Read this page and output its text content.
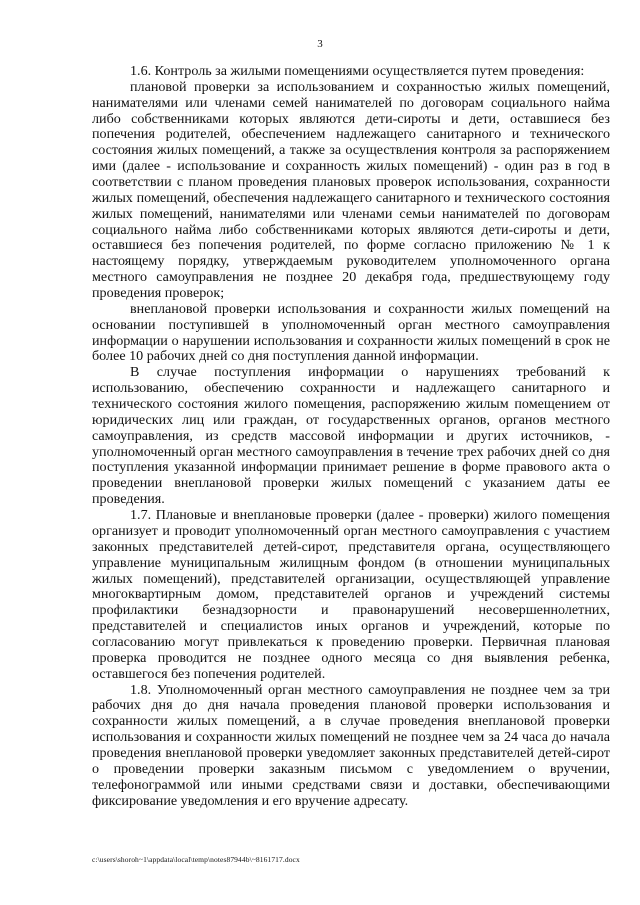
3

1.6. Контроль за жилыми помещениями осуществляется путем проведения:

плановой проверки за использованием и сохранностью жилых помещений, нанимателями или членами семей нанимателей по договорам социального найма либо собственниками которых являются дети-сироты и дети, оставшиеся без попечения родителей, обеспечением надлежащего санитарного и технического состояния жилых помещений, а также за осуществления контроля за распоряжением ими (далее - использование и сохранность жилых помещений) - один раз в год в соответствии с планом проведения плановых проверок использования, сохранности жилых помещений, обеспечения надлежащего санитарного и технического состояния жилых помещений, нанимателями или членами семьи нанимателей по договорам социального найма либо собственниками которых являются дети-сироты и дети, оставшиеся без попечения родителей, по форме согласно приложению № 1 к настоящему порядку, утверждаемым руководителем уполномоченного органа местного самоуправления не позднее 20 декабря года, предшествующему году проведения проверок;

внеплановой проверки использования и сохранности жилых помещений на основании поступившей в уполномоченный орган местного самоуправления информации о нарушении использования и сохранности жилых помещений в срок не более 10 рабочих дней со дня поступления данной информации.

В случае поступления информации о нарушениях требований к использованию, обеспечению сохранности и надлежащего санитарного и технического состояния жилого помещения, распоряжению жилым помещением от юридических лиц или граждан, от государственных органов, органов местного самоуправления, из средств массовой информации и других источников, - уполномоченный орган местного самоуправления в течение трех рабочих дней со дня поступления указанной информации принимает решение в форме правового акта о проведении внеплановой проверки жилых помещений с указанием даты ее проведения.

1.7. Плановые и внеплановые проверки (далее - проверки) жилого помещения организует и проводит уполномоченный орган местного самоуправления с участием законных представителей детей-сирот, представителя органа, осуществляющего управление муниципальным жилищным фондом (в отношении муниципальных жилых помещений), представителей организации, осуществляющей управление многоквартирным домом, представителей органов и учреждений системы профилактики безнадзорности и правонарушений несовершеннолетних, представителей и специалистов иных органов и учреждений, которые по согласованию могут привлекаться к проведению проверки. Первичная плановая проверка проводится не позднее одного месяца со дня выявления ребенка, оставшегося без попечения родителей.

1.8. Уполномоченный орган местного самоуправления не позднее чем за три рабочих дня до дня начала проведения плановой проверки использования и сохранности жилых помещений, а в случае проведения внеплановой проверки использования и сохранности жилых помещений не позднее чем за 24 часа до начала проведения внеплановой проверки уведомляет законных представителей детей-сирот о проведении проверки заказным письмом с уведомлением о вручении, телефонограммой или иными средствами связи и доставки, обеспечивающими фиксирование уведомления и его вручение адресату.

c:\users\shoroh~1\appdata\local\temp\notes87944b\~8161717.docx
